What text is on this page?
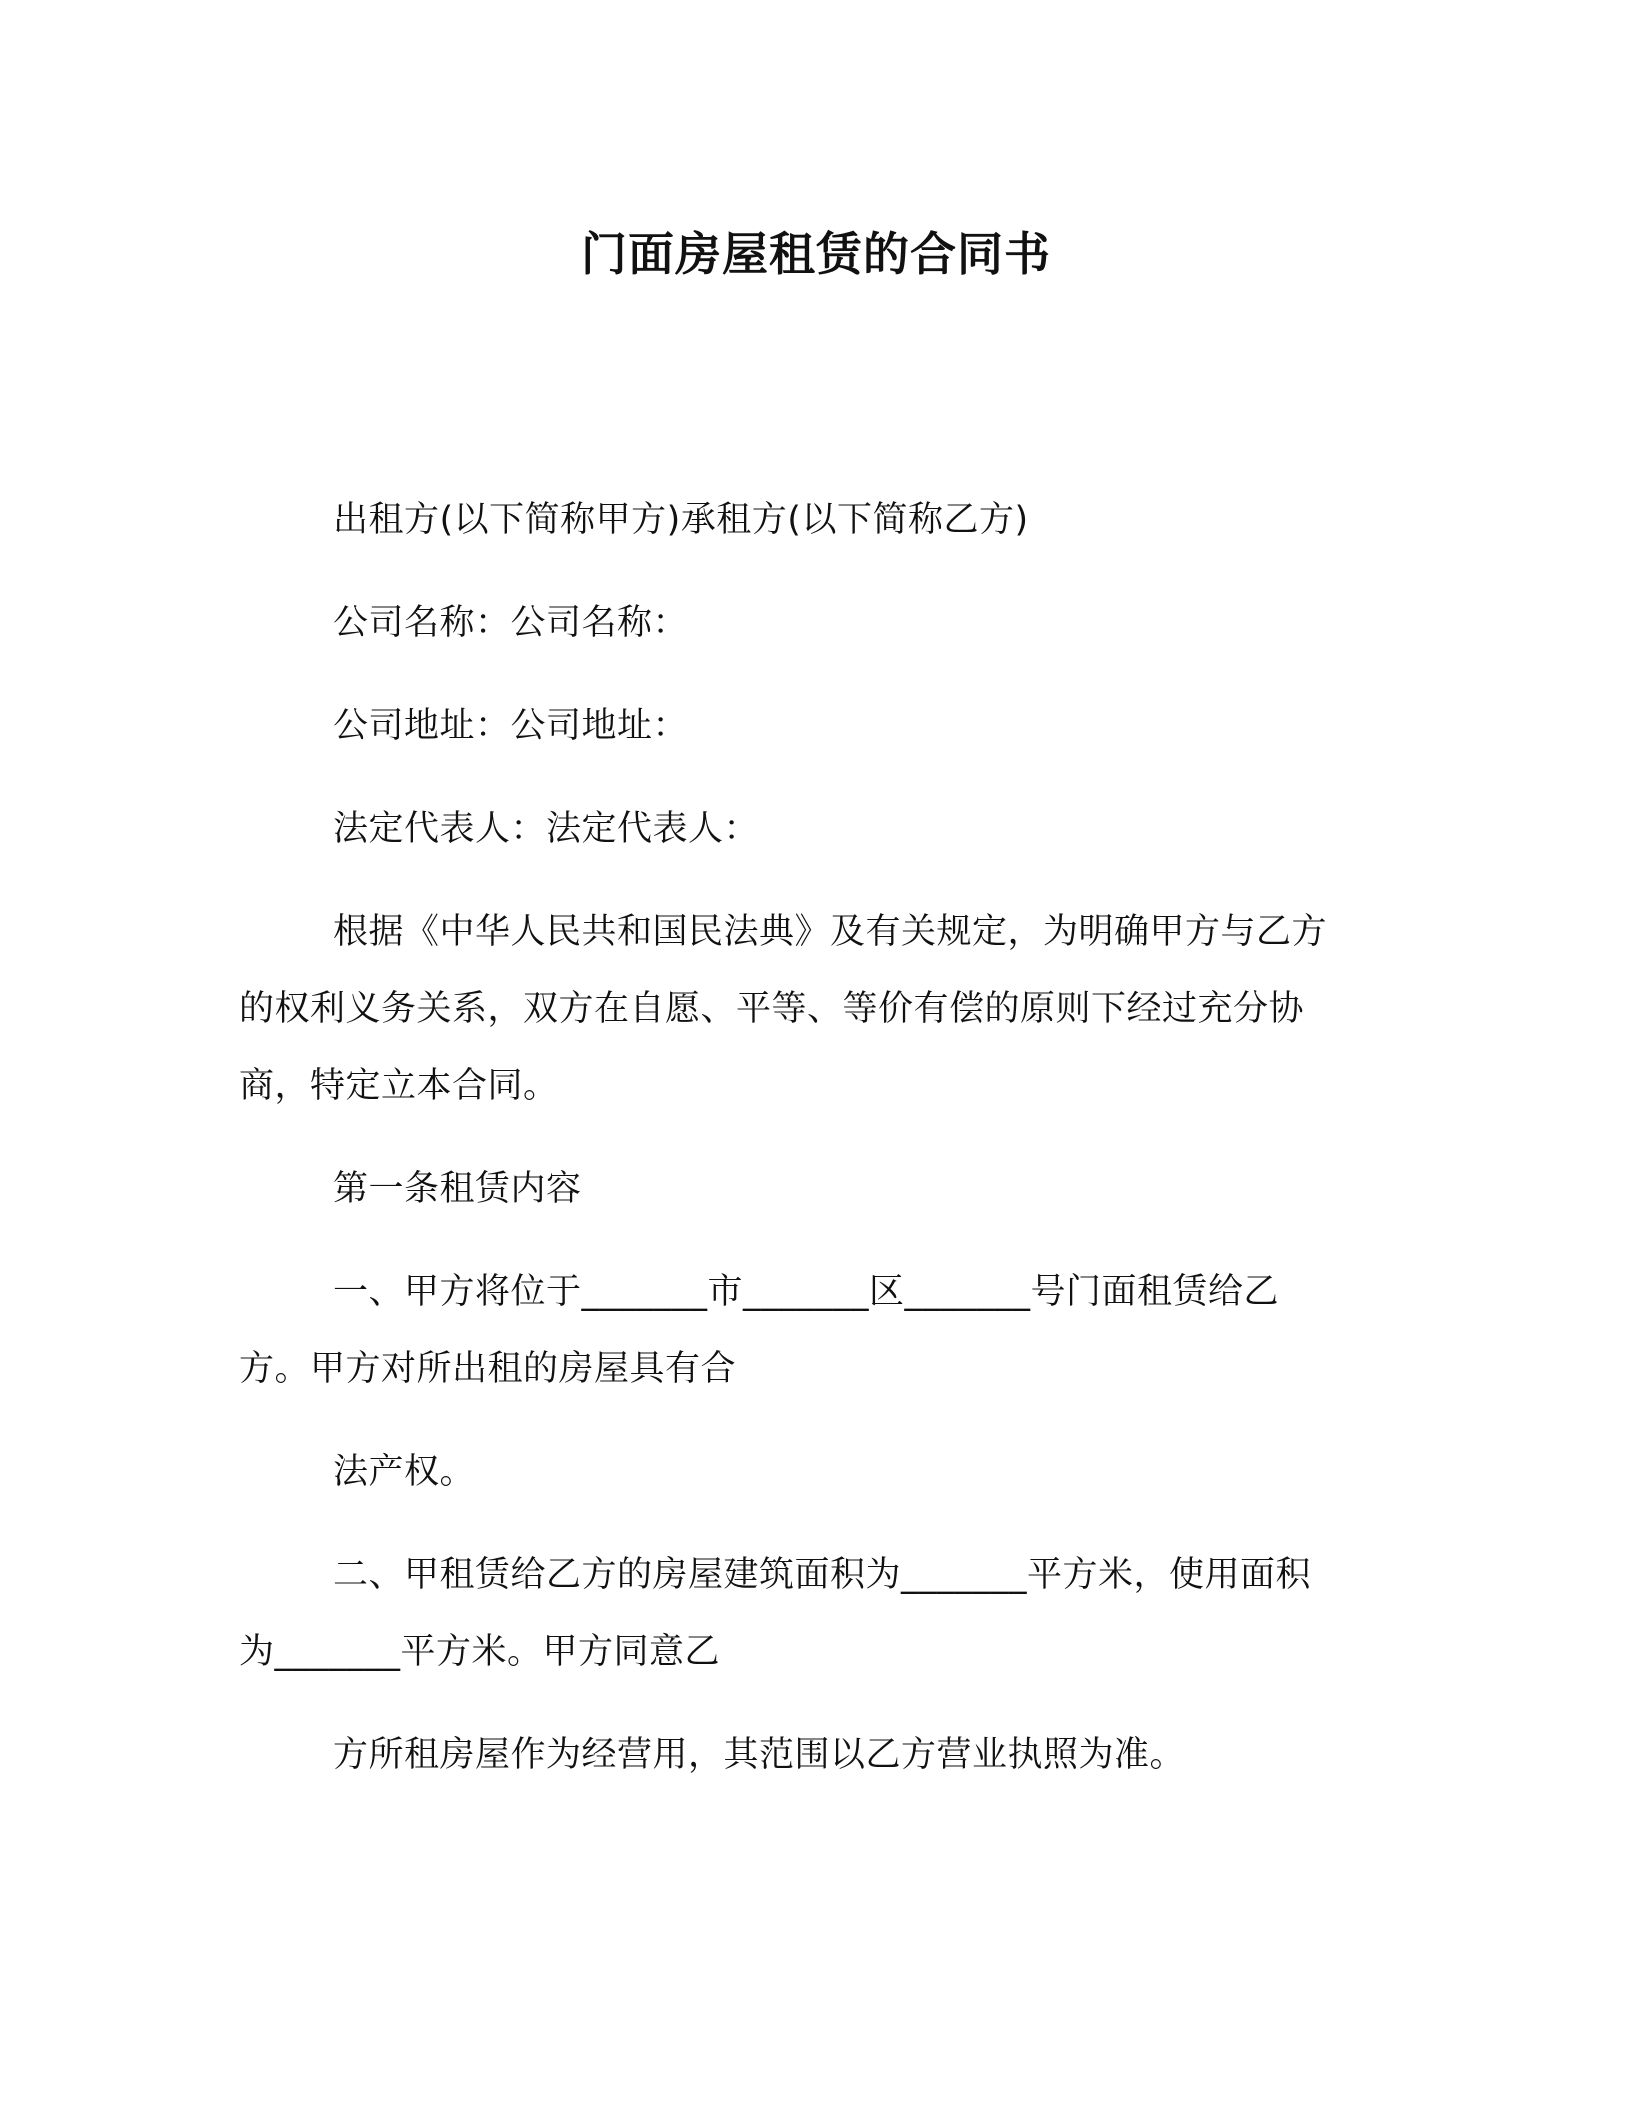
门面房屋租赁的合同书
出租方(以下简称甲方)承租方(以下简称乙方)
公司名称：公司名称：
公司地址：公司地址：
法定代表人：法定代表人：
根据《中华人民共和国民法典》及有关规定，为明确甲方与乙方
的权利义务关系，双方在自愿、平等、等价有偿的原则下经过充分协
商，特定立本合同。
第一条租赁内容
一、甲方将位于_______市_______区_______号门面租赁给乙
方。甲方对所出租的房屋具有合
法产权。
二、甲租赁给乙方的房屋建筑面积为_______平方米，使用面积
为_______平方米。甲方同意乙
方所租房屋作为经营用，其范围以乙方营业执照为准。
